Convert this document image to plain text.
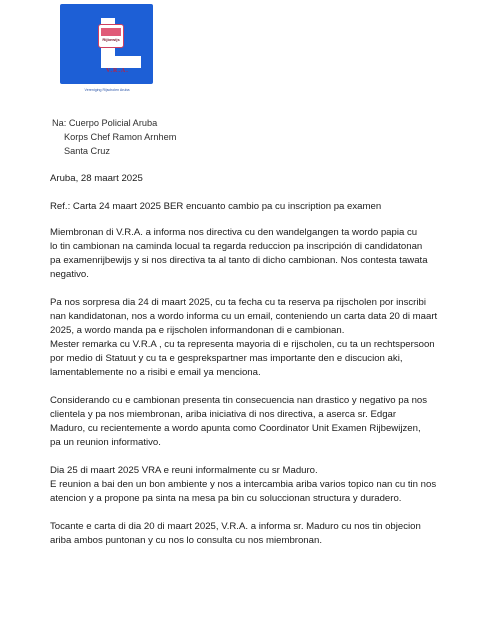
Rijbewijs
V.R.A.
Vereniging Rijscholen Aruba
Na: Cuerpo Policial Aruba
Korps Chef Ramon Arnhem
Santa Cruz
Aruba, 28 maart 2025
Ref.: Carta 24 maart 2025 BER encuanto cambio pa cu inscription pa examen
Miembronan di V.R.A. a informa nos directiva cu den wandelgangen ta wordo papia cu
lo tin cambionan na caminda locual ta regarda reduccion pa inscripción di candidatonan
pa examenrijbewijs y si nos directiva ta al tanto di dicho cambionan. Nos contesta tawata
negativo.
Pa nos sorpresa dia 24 di maart 2025, cu ta fecha cu ta reserva pa rijscholen por inscribi
nan kandidatonan, nos a wordo informa cu un email, conteniendo un carta data 20 di maart
2025, a wordo manda pa e rijscholen informandonan di e cambionan.
Mester remarka cu V.R.A , cu ta representa mayoria di e rijscholen, cu ta un rechtspersoon
por medio di Statuut y cu ta e gesprekspartner mas importante den e discucion aki,
lamentablemente no a risibi e email ya menciona.
Considerando cu e cambionan presenta tin consecuencia nan drastico y negativo pa nos
clientela y pa nos miembronan, ariba iniciativa di nos directiva, a aserca sr. Edgar
Maduro, cu recientemente a wordo apunta como Coordinator Unit Examen Rijbewijzen,
pa un reunion informativo.
Dia 25 di maart 2025 VRA e reuni informalmente cu sr Maduro.
E reunion a bai den un bon ambiente y nos a intercambia ariba varios topico nan cu tin nos
atencion y a propone pa sinta na mesa pa bin cu soluccionan structura y duradero.
Tocante e carta di dia 20 di maart 2025, V.R.A. a informa sr. Maduro cu nos tin objecion
ariba ambos puntonan y cu nos lo consulta cu nos miembronan.
